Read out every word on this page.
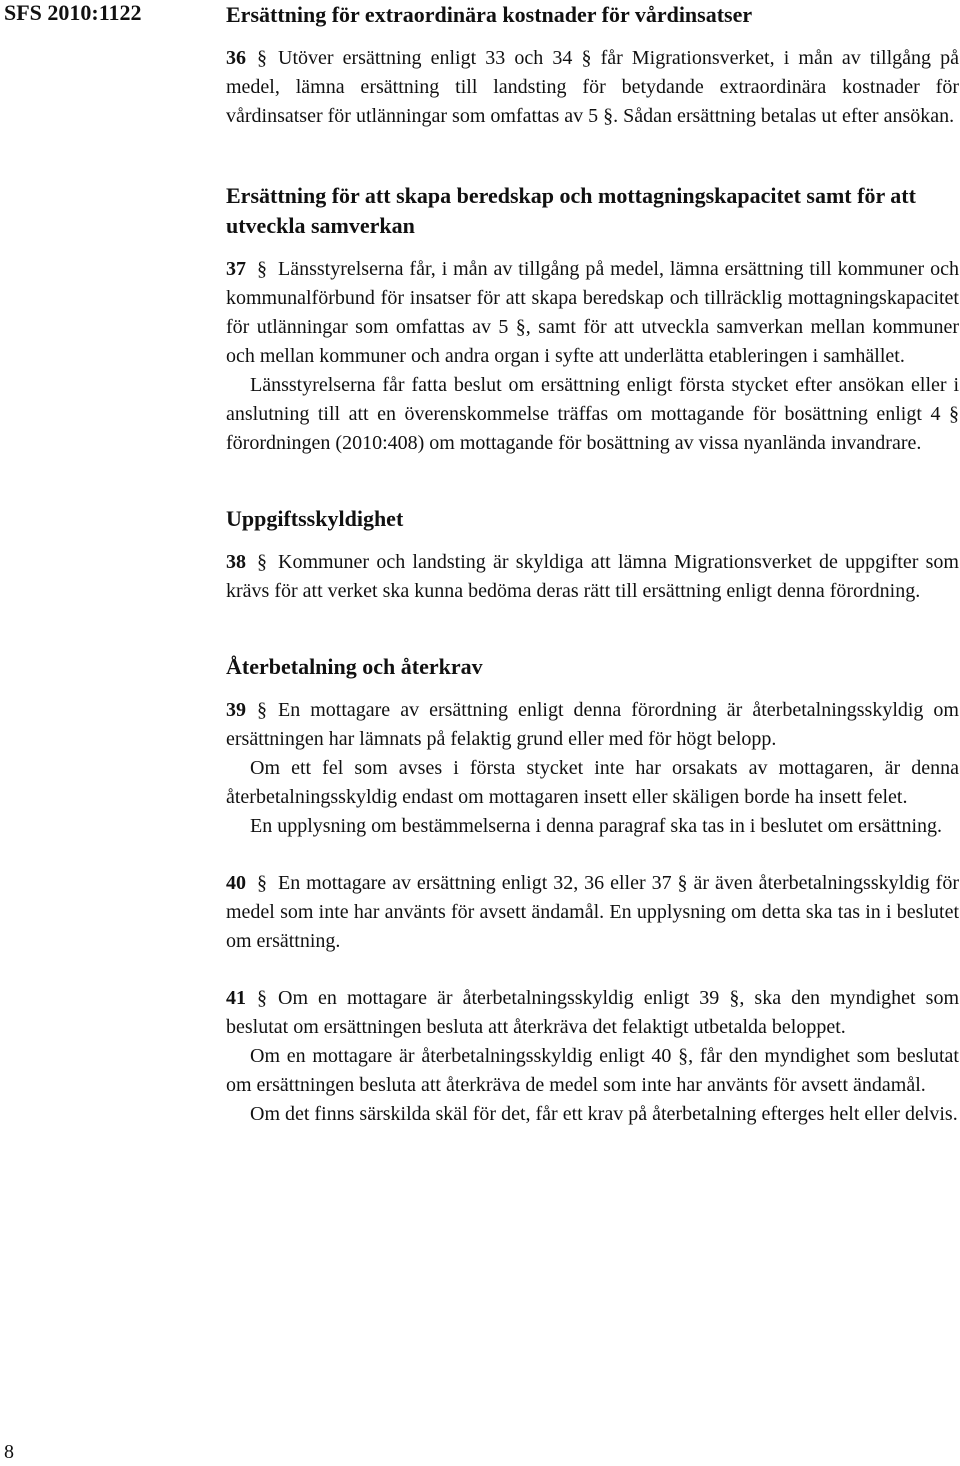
SFS 2010:1122	Ersättning för extraordinära kostnader för vårdinsatser

36 § Utöver ersättning enligt 33 och 34 § får Migrationsverket, i mån av tillgång på medel, lämna ersättning till landsting för betydande extraordinära kostnader för vårdinsatser för utlänningar som omfattas av 5 §. Sådan ersättning betalas ut efter ansökan.

Ersättning för att skapa beredskap och mottagningskapacitet samt för att utveckla samverkan

37 § Länsstyrelserna får, i mån av tillgång på medel, lämna ersättning till kommuner och kommunalförbund för insatser för att skapa beredskap och tillräcklig mottagningskapacitet för utlänningar som omfattas av 5 §, samt för att utveckla samverkan mellan kommuner och mellan kommuner och andra organ i syfte att underlätta etableringen i samhället.

Länsstyrelserna får fatta beslut om ersättning enligt första stycket efter ansökan eller i anslutning till att en överenskommelse träffas om mottagande för bosättning enligt 4 § förordningen (2010:408) om mottagande för bosättning av vissa nyanlända invandrare.

Uppgiftsskyldighet

38 § Kommuner och landsting är skyldiga att lämna Migrationsverket de uppgifter som krävs för att verket ska kunna bedöma deras rätt till ersättning enligt denna förordning.

Återbetalning och återkrav

39 § En mottagare av ersättning enligt denna förordning är återbetalningsskyldig om ersättningen har lämnats på felaktig grund eller med för högt belopp.

Om ett fel som avses i första stycket inte har orsakats av mottagaren, är denna återbetalningsskyldig endast om mottagaren insett eller skäligen borde ha insett felet.

En upplysning om bestämmelserna i denna paragraf ska tas in i beslutet om ersättning.

40 § En mottagare av ersättning enligt 32, 36 eller 37 § är även återbetalningsskyldig för medel som inte har använts för avsett ändamål. En upplysning om detta ska tas in i beslutet om ersättning.

41 § Om en mottagare är återbetalningsskyldig enligt 39 §, ska den myndighet som beslutat om ersättningen besluta att återkräva det felaktigt utbetalda beloppet.

Om en mottagare är återbetalningsskyldig enligt 40 §, får den myndighet som beslutat om ersättningen besluta att återkräva de medel som inte har använts för avsett ändamål.

Om det finns särskilda skäl för det, får ett krav på återbetalning efterges helt eller delvis.

8
